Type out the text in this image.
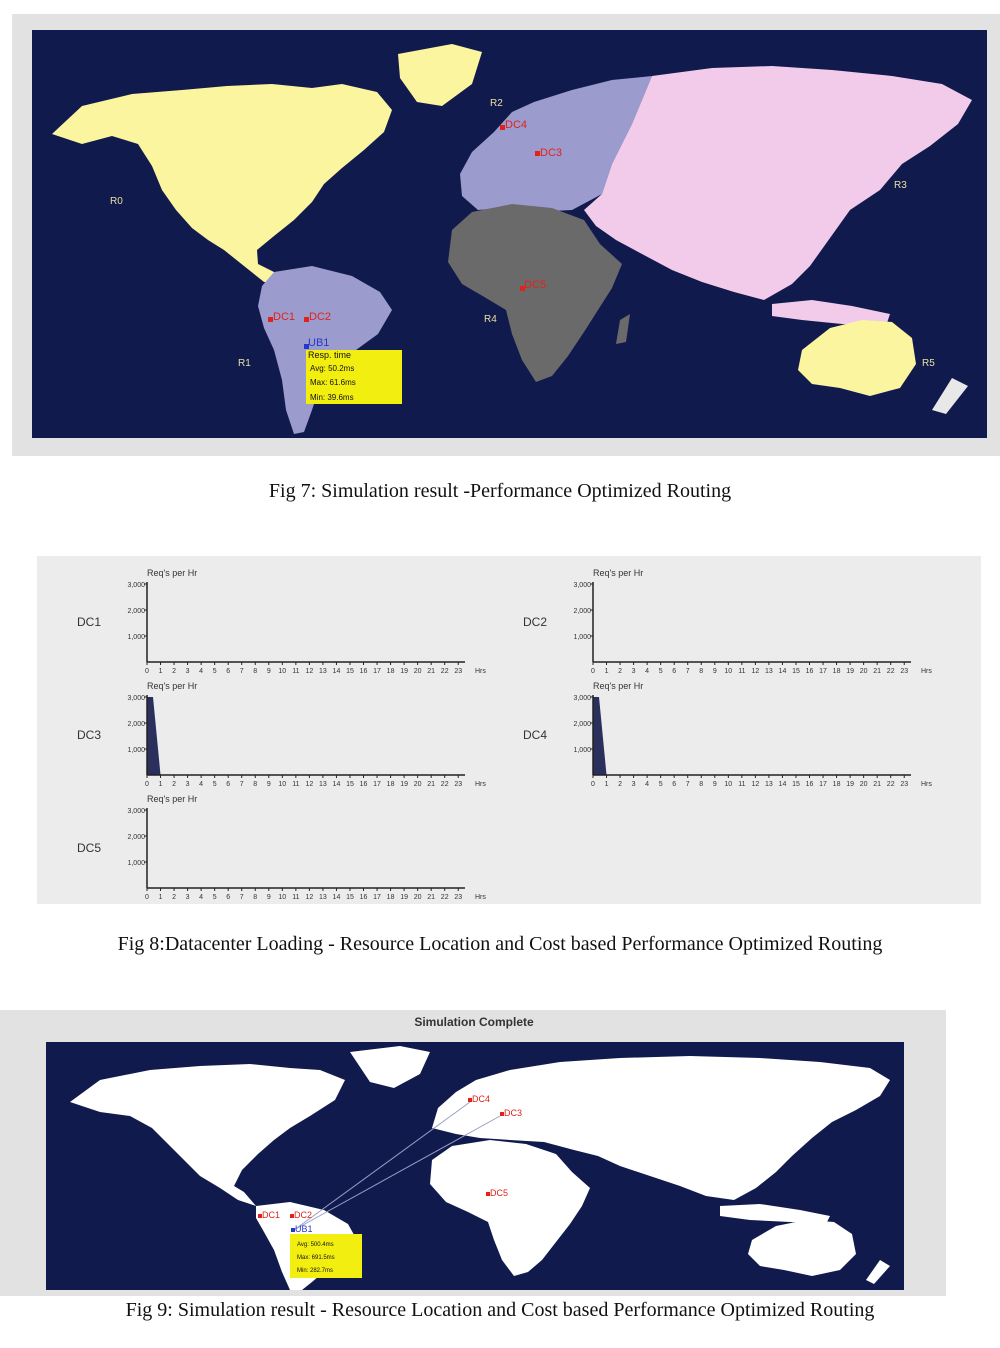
R0
R1
R2
R3
R4
R5
DC1 DC2
DC3
DC4
DC5
UB1
Resp. time
Avg: 50.2ms
Max: 61.6ms
Min: 39.6ms
Fig 7: Simulation result -Performance Optimized Routing
DC1
Req's per Hr
1,000
2,000
3,000
0 1 2 3 4 5 6 7 8 9 10 11 12 13 14 15 16 17 18 19 20 21 22 23 Hrs
DC2
Req's per Hr
1,000
2,000
3,000
0 1 2 3 4 5 6 7 8 9 10 11 12 13 14 15 16 17 18 19 20 21 22 23 Hrs
DC3
Req's per Hr
1,000
2,000
3,000
0 1 2 3 4 5 6 7 8 9 10 11 12 13 14 15 16 17 18 19 20 21 22 23 Hrs
DC4
Req's per Hr
1,000
2,000
3,000
0 1 2 3 4 5 6 7 8 9 10 11 12 13 14 15 16 17 18 19 20 21 22 23 Hrs
DC5
Req's per Hr
1,000
2,000
3,000
0 1 2 3 4 5 6 7 8 9 10 11 12 13 14 15 16 17 18 19 20 21 22 23 Hrs
Fig 8:Datacenter Loading - Resource Location and Cost based Performance Optimized Routing
Simulation Complete
DC1 DC2
DC3
DC4
DC5
UB1
Avg: 500.4ms
Max: 691.5ms
Min: 282.7ms
Fig 9: Simulation result - Resource Location and Cost based Performance Optimized Routing
